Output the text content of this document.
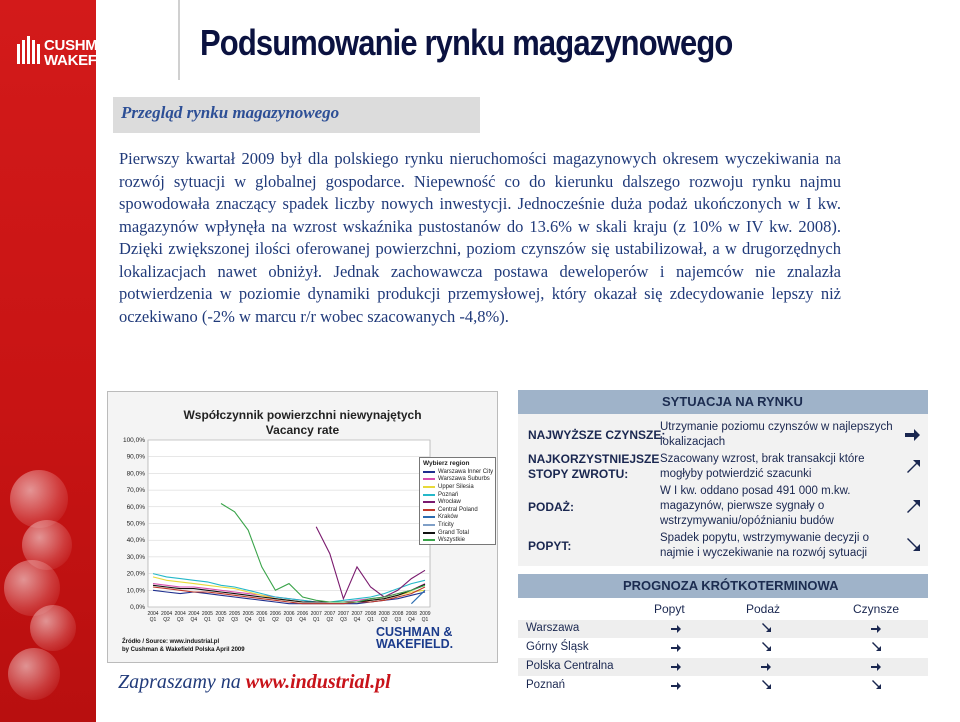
CUSHMAN &
WAKEFIELD. Podsumowanie rynku magazynowego
Przegląd rynku magazynowego
Pierwszy kwartał 2009 był dla polskiego rynku nieruchomości magazynowych okresem wyczekiwania na rozwój sytuacji w globalnej gospodarce. Niepewność co do kierunku dalszego rozwoju rynku najmu spowodowała znaczący spadek liczby nowych inwestycji. Jednocześnie duża podaż ukończonych w I kw. magazynów wpłynęła na wzrost wskaźnika pustostanów do 13.6% w skali kraju (z 10% w IV kw. 2008). Dzięki zwiększonej ilości oferowanej powierzchni, poziom czynszów się ustabilizował, a w drugorzędnych lokalizacjach nawet obniżył. Jednak zachowawcza postawa deweloperów i najemców nie znalazła potwierdzenia w poziomie dynamiki produkcji przemysłowej, który okazał się zdecydowanie lepszy niż oczekiwano (-2% w marcu r/r wobec szacowanych -4,8%).
Współczynnik powierzchni niewynajętych
Vacancy rate
0,0%
10,0%
20,0%
30,0%
40,0%
50,0%
60,0%
70,0%
80,0%
90,0%
100,0%
2004
Q1
2004
Q2
2004
Q3
2004
Q4
2005
Q1
2005
Q2
2005
Q3
2005
Q4
2006
Q1
2006
Q2
2006
Q3
2006
Q4
2007
Q1
2007
Q2
2007
Q3
2007
Q4
2008
Q1
2008
Q2
2008
Q3
2008
Q4
2009
Q1
Wybierz region
Warszawa Inner City
Warszawa Suburbs
Upper Silesia
Poznań
Wrocław
Central Poland
Kraków
Tricity
Grand Total
Wszystkie
Źródło / Source: www.industrial.pl
by Cushman & Wakefield Polska April 2009
CUSHMAN &
WAKEFIELD.
Zapraszamy na www.industrial.pl
SYTUACJA NA RYNKU
NAJWYŻSZE CZYNSZE:
Utrzymanie poziomu czynszów w najlepszych lokalizacjach
NAJKORZYSTNIEJSZE STOPY ZWROTU:
Szacowany wzrost, brak transakcji które mogłyby potwierdzić szacunki
PODAŻ:
W I kw. oddano posad 491 000 m.kw. magazynów, pierwsze sygnały o wstrzymywaniu/opóźnianiu budów
POPYT:
Spadek popytu, wstrzymywanie decyzji o najmie i wyczekiwanie na rozwój sytuacji
PROGNOZA KRÓTKOTERMINOWA
Popyt	Podaż	Czynsze
Warszawa
Górny Śląsk
Polska Centralna
Poznań
